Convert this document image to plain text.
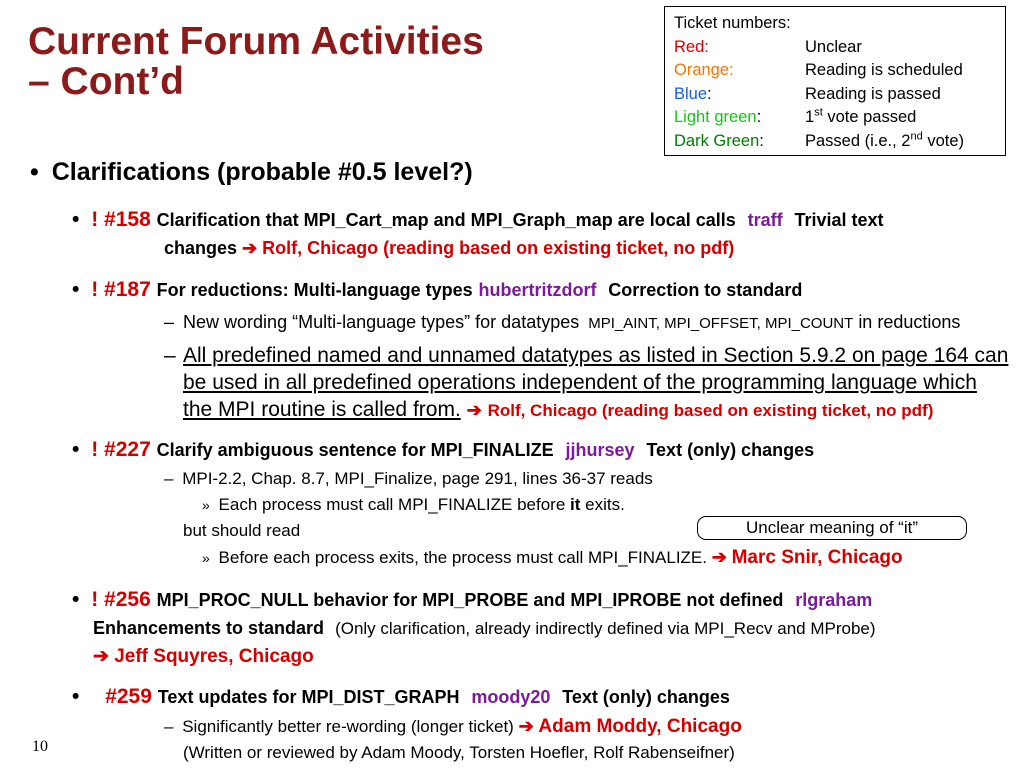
Current Forum Activities
– Cont’d
Ticket numbers:
Red:	Unclear
Orange:	Reading is scheduled
Blue:	Reading is passed
Light green:	1st vote passed
Dark Green:	Passed (i.e., 2nd vote)
• Clarifications (probable #0.5 level?)
• ! #158 Clarification that MPI_Cart_map and MPI_Graph_map are local calls traff Trivial text
changes ➔ Rolf, Chicago (reading based on existing ticket, no pdf)
• ! #187 For reductions: Multi-language types hubertritzdorf Correction to standard
– New wording “Multi-language types” for datatypes MPI_AINT, MPI_OFFSET, MPI_COUNT in reductions
– All predefined named and unnamed datatypes as listed in Section 5.9.2 on page 164 can
be used in all predefined operations independent of the programming language which
the MPI routine is called from. ➔ Rolf, Chicago (reading based on existing ticket, no pdf)
• ! #227 Clarify ambiguous sentence for MPI_FINALIZE jjhursey Text (only) changes
– MPI-2.2, Chap. 8.7, MPI_Finalize, page 291, lines 36-37 reads
» Each process must call MPI_FINALIZE before it exits.
but should read	Unclear meaning of “it”
» Before each process exits, the process must call MPI_FINALIZE. ➔ Marc Snir, Chicago
• ! #256 MPI_PROC_NULL behavior for MPI_PROBE and MPI_IPROBE not defined rlgraham
Enhancements to standard (Only clarification, already indirectly defined via MPI_Recv and MProbe)
➔ Jeff Squyres, Chicago
• #259 Text updates for MPI_DIST_GRAPH moody20 Text (only) changes
– Significantly better re-wording (longer ticket) ➔ Adam Moddy, Chicago
(Written or reviewed by Adam Moody, Torsten Hoefler, Rolf Rabenseifner)
10
